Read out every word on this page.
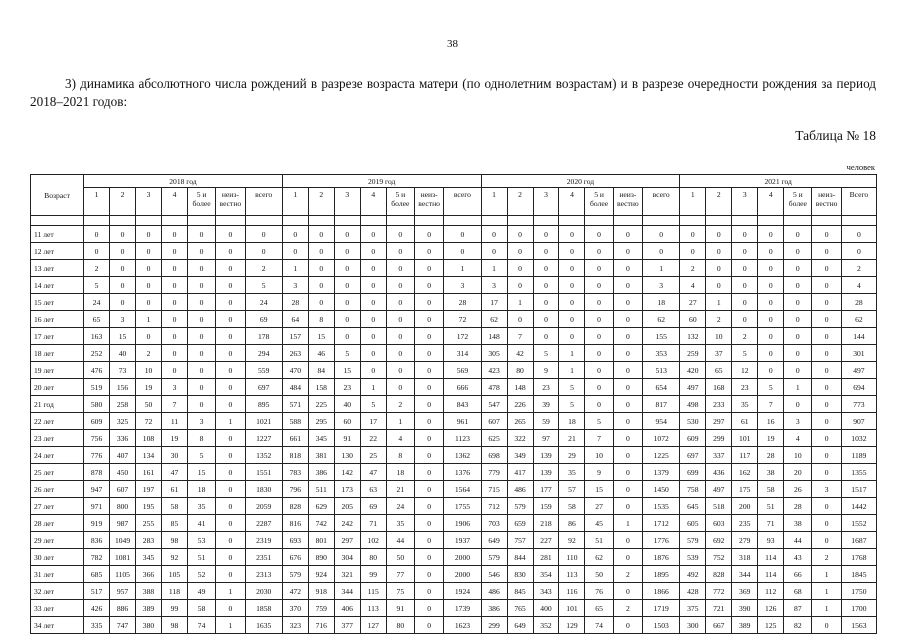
38

3) динамика абсолютного числа рождений в разрезе возраста матери (по однолетним возрастам) и в разрезе очередности рождения за период 2018–2021 годов:

Таблица № 18
человек
Возраст	2018 год							2019 год							2020 год							2021 год						
	1	2	3	4	5 и более	неиз-вестно	всего	1	2	3	4	5 и более	неиз-вестно	всего	1	2	3	4	5 и более	неиз-вестно	всего	1	2	3	4	5 и более	неиз-вестно	Всего

11 лет	0	0	0	0	0	0	0	0	0	0	0	0	0	0	0	0	0	0	0	0	0	0	0	0	0	0	0	0
12 лет	0	0	0	0	0	0	0	0	0	0	0	0	0	0	0	0	0	0	0	0	0	0	0	0	0	0	0	0
13 лет	2	0	0	0	0	0	2	1	0	0	0	0	0	1	1	0	0	0	0	0	1	2	0	0	0	0	0	2
14 лет	5	0	0	0	0	0	5	3	0	0	0	0	0	3	3	0	0	0	0	0	3	4	0	0	0	0	0	4
15 лет	24	0	0	0	0	0	24	28	0	0	0	0	0	28	17	1	0	0	0	0	18	27	1	0	0	0	0	28
16 лет	65	3	1	0	0	0	69	64	8	0	0	0	0	72	62	0	0	0	0	0	62	60	2	0	0	0	0	62
17 лет	163	15	0	0	0	0	178	157	15	0	0	0	0	172	148	7	0	0	0	0	155	132	10	2	0	0	0	144
18 лет	252	40	2	0	0	0	294	263	46	5	0	0	0	314	305	42	5	1	0	0	353	259	37	5	0	0	0	301
19 лет	476	73	10	0	0	0	559	470	84	15	0	0	0	569	423	80	9	1	0	0	513	420	65	12	0	0	0	497
20 лет	519	156	19	3	0	0	697	484	158	23	1	0	0	666	478	148	23	5	0	0	654	497	168	23	5	1	0	694
21 год	580	258	50	7	0	0	895	571	225	40	5	2	0	843	547	226	39	5	0	0	817	498	233	35	7	0	0	773
22 лет	609	325	72	11	3	1	1021	588	295	60	17	1	0	961	607	265	59	18	5	0	954	530	297	61	16	3	0	907
23 лет	756	336	108	19	8	0	1227	661	345	91	22	4	0	1123	625	322	97	21	7	0	1072	609	299	101	19	4	0	1032
24 лет	776	407	134	30	5	0	1352	818	381	130	25	8	0	1362	698	349	139	29	10	0	1225	697	337	117	28	10	0	1189
25 лет	878	450	161	47	15	0	1551	783	386	142	47	18	0	1376	779	417	139	35	9	0	1379	699	436	162	38	20	0	1355
26 лет	947	607	197	61	18	0	1830	796	511	173	63	21	0	1564	715	486	177	57	15	0	1450	758	497	175	58	26	3	1517
27 лет	971	800	195	58	35	0	2059	828	629	205	69	24	0	1755	712	579	159	58	27	0	1535	645	518	200	51	28	0	1442
28 лет	919	987	255	85	41	0	2287	816	742	242	71	35	0	1906	703	659	218	86	45	1	1712	605	603	235	71	38	0	1552
29 лет	836	1049	283	98	53	0	2319	693	801	297	102	44	0	1937	649	757	227	92	51	0	1776	579	692	279	93	44	0	1687
30 лет	782	1081	345	92	51	0	2351	676	890	304	80	50	0	2000	579	844	281	110	62	0	1876	539	752	318	114	43	2	1768
31 лет	685	1105	366	105	52	0	2313	579	924	321	99	77	0	2000	546	830	354	113	50	2	1895	492	828	344	114	66	1	1845
32 лет	517	957	388	118	49	1	2030	472	918	344	115	75	0	1924	486	845	343	116	76	0	1866	428	772	369	112	68	1	1750
33 лет	426	886	389	99	58	0	1858	370	759	406	113	91	0	1739	386	765	400	101	65	2	1719	375	721	390	126	87	1	1700
34 лет	335	747	380	98	74	1	1635	323	716	377	127	80	0	1623	299	649	352	129	74	0	1503	300	667	389	125	82	0	1563
